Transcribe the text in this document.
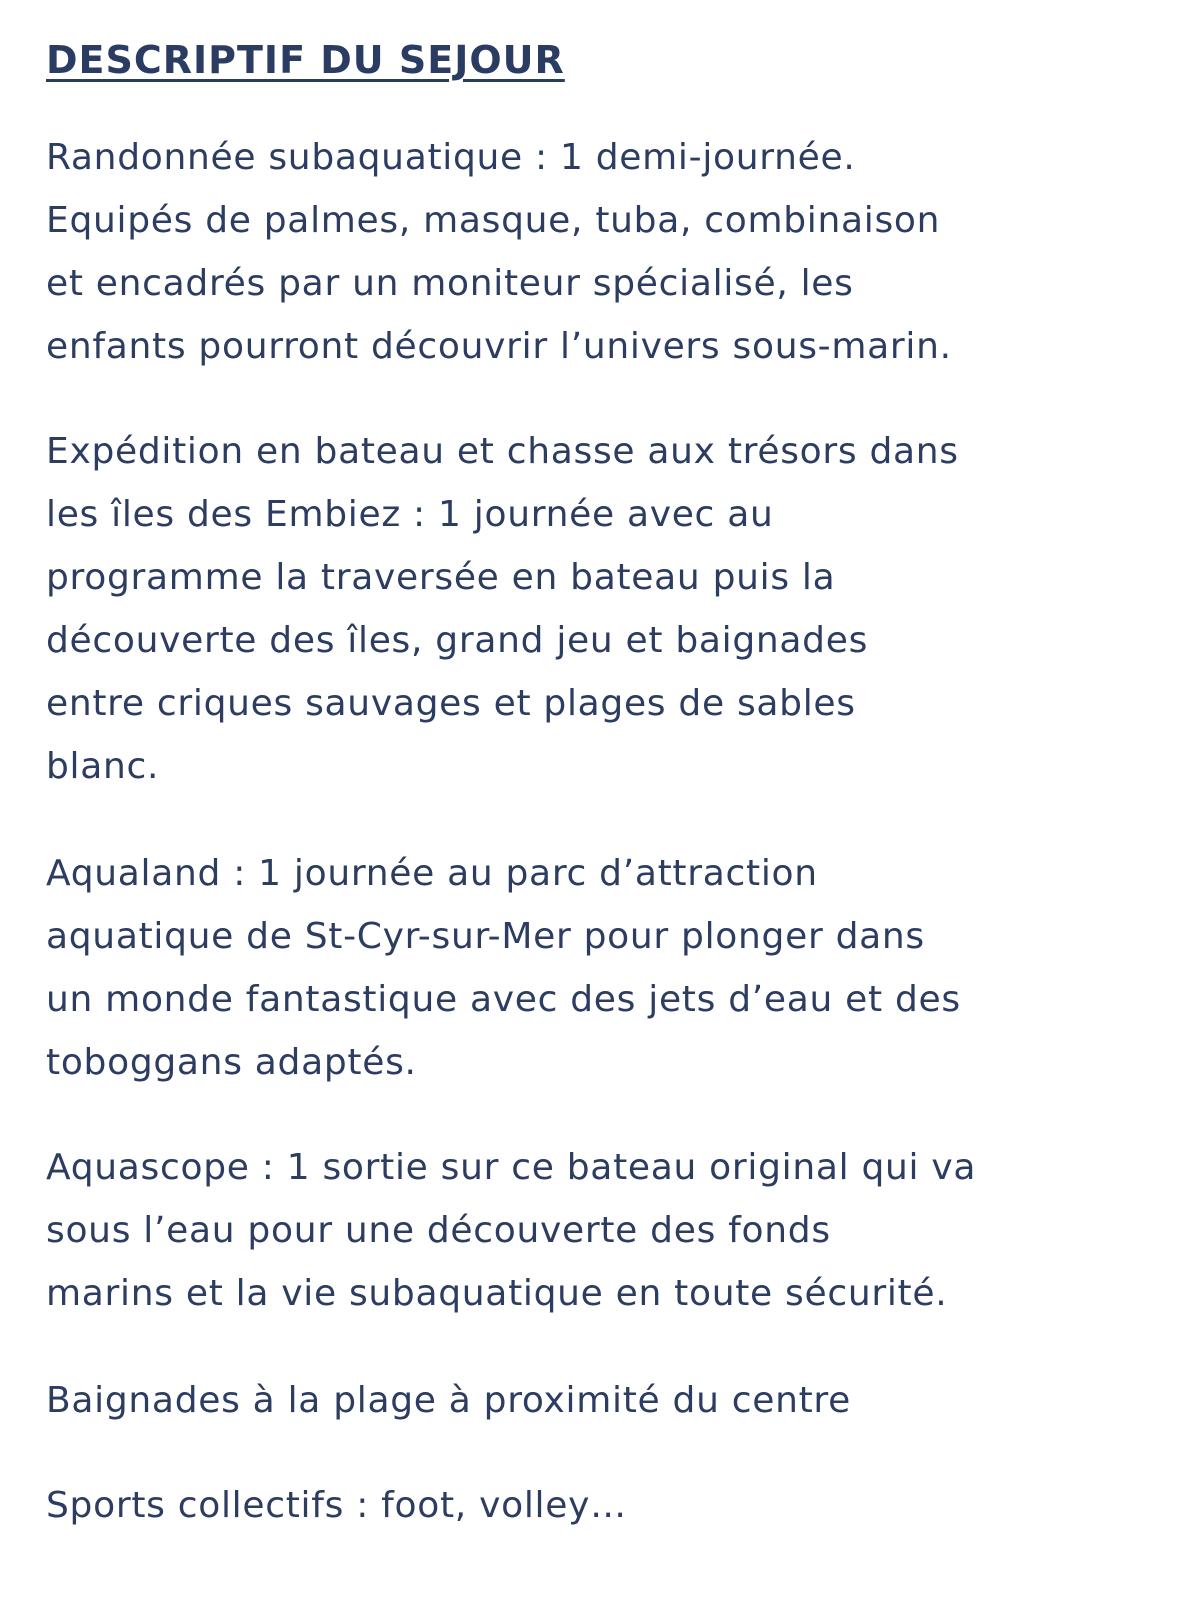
DESCRIPTIF DU SEJOUR

Randonnée subaquatique : 1 demi-journée.
Equipés de palmes, masque, tuba, combinaison
et encadrés par un moniteur spécialisé, les
enfants pourront découvrir l’univers sous-marin.

Expédition en bateau et chasse aux trésors dans
les îles des Embiez : 1 journée avec au
programme la traversée en bateau puis la
découverte des îles, grand jeu et baignades
entre criques sauvages et plages de sables
blanc.

Aqualand : 1 journée au parc d’attraction
aquatique de St-Cyr-sur-Mer pour plonger dans
un monde fantastique avec des jets d’eau et des
toboggans adaptés.

Aquascope : 1 sortie sur ce bateau original qui va
sous l’eau pour une découverte des fonds
marins et la vie subaquatique en toute sécurité.

Baignades à la plage à proximité du centre

Sports collectifs : foot, volley…
